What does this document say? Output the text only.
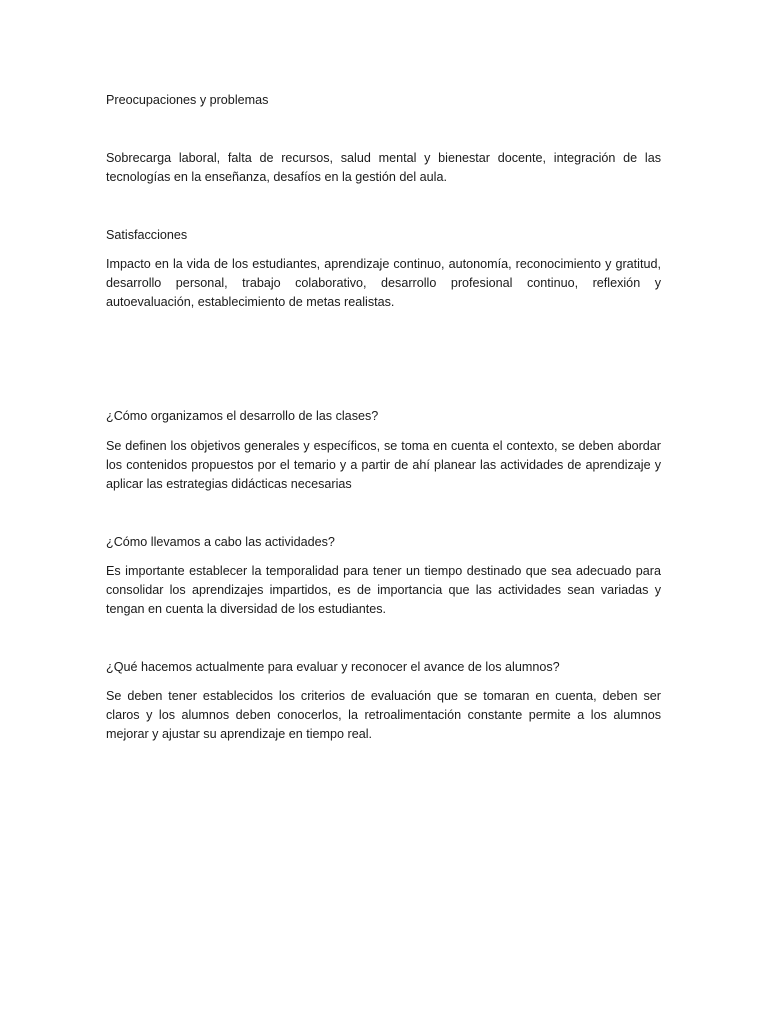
Preocupaciones y problemas

Sobrecarga laboral, falta de recursos, salud mental y bienestar docente, integración de las tecnologías en la enseñanza, desafíos en la gestión del aula.

Satisfacciones

Impacto en la vida de los estudiantes, aprendizaje continuo, autonomía, reconocimiento y gratitud, desarrollo personal, trabajo colaborativo, desarrollo profesional continuo, reflexión y autoevaluación, establecimiento de metas realistas.

¿Cómo organizamos el desarrollo de las clases?

Se definen los objetivos generales y específicos, se toma en cuenta el contexto, se deben abordar los contenidos propuestos por el temario y a partir de ahí planear las actividades de aprendizaje y aplicar las estrategias didácticas necesarias

¿Cómo llevamos a cabo las actividades?

Es importante establecer la temporalidad para tener un tiempo destinado que sea adecuado para consolidar los aprendizajes impartidos, es de importancia que las actividades sean variadas y tengan en cuenta la diversidad de los estudiantes.

¿Qué hacemos actualmente para evaluar y reconocer el avance de los alumnos?

Se deben tener establecidos los criterios de evaluación que se tomaran en cuenta, deben ser claros y los alumnos deben conocerlos, la retroalimentación constante permite a los alumnos mejorar y ajustar su aprendizaje en tiempo real.
